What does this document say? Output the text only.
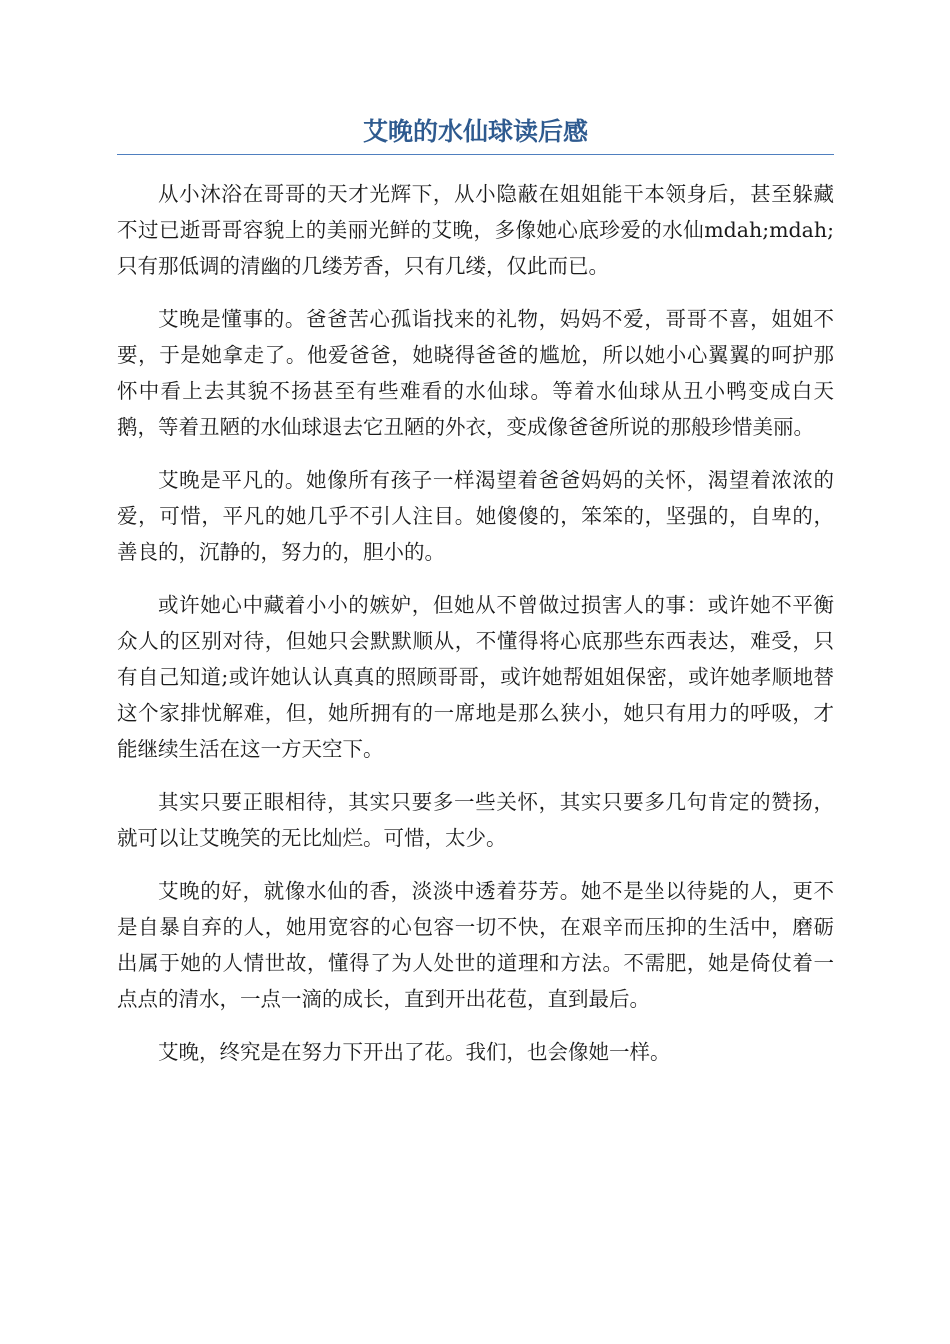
艾晚的水仙球读后感

从小沐浴在哥哥的天才光辉下，从小隐蔽在姐姐能干本领身后，甚至躲藏不过已逝哥哥容貌上的美丽光鲜的艾晚，多像她心底珍爱的水仙mdah;mdah;只有那低调的清幽的几缕芳香，只有几缕，仅此而已。

艾晚是懂事的。爸爸苦心孤诣找来的礼物，妈妈不爱，哥哥不喜，姐姐不要，于是她拿走了。他爱爸爸，她晓得爸爸的尴尬，所以她小心翼翼的呵护那怀中看上去其貌不扬甚至有些难看的水仙球。等着水仙球从丑小鸭变成白天鹅，等着丑陋的水仙球退去它丑陋的外衣，变成像爸爸所说的那般珍惜美丽。

艾晚是平凡的。她像所有孩子一样渴望着爸爸妈妈的关怀，渴望着浓浓的爱，可惜，平凡的她几乎不引人注目。她傻傻的，笨笨的，坚强的，自卑的，善良的，沉静的，努力的，胆小的。

或许她心中藏着小小的嫉妒，但她从不曾做过损害人的事：或许她不平衡众人的区别对待，但她只会默默顺从，不懂得将心底那些东西表达，难受，只有自己知道;或许她认认真真的照顾哥哥，或许她帮姐姐保密，或许她孝顺地替这个家排忧解难，但，她所拥有的一席地是那么狭小，她只有用力的呼吸，才能继续生活在这一方天空下。

其实只要正眼相待，其实只要多一些关怀，其实只要多几句肯定的赞扬，就可以让艾晚笑的无比灿烂。可惜，太少。

艾晚的好，就像水仙的香，淡淡中透着芬芳。她不是坐以待毙的人，更不是自暴自弃的人，她用宽容的心包容一切不快，在艰辛而压抑的生活中，磨砺出属于她的人情世故，懂得了为人处世的道理和方法。不需肥，她是倚仗着一点点的清水，一点一滴的成长，直到开出花苞，直到最后。

艾晚，终究是在努力下开出了花。我们，也会像她一样。
